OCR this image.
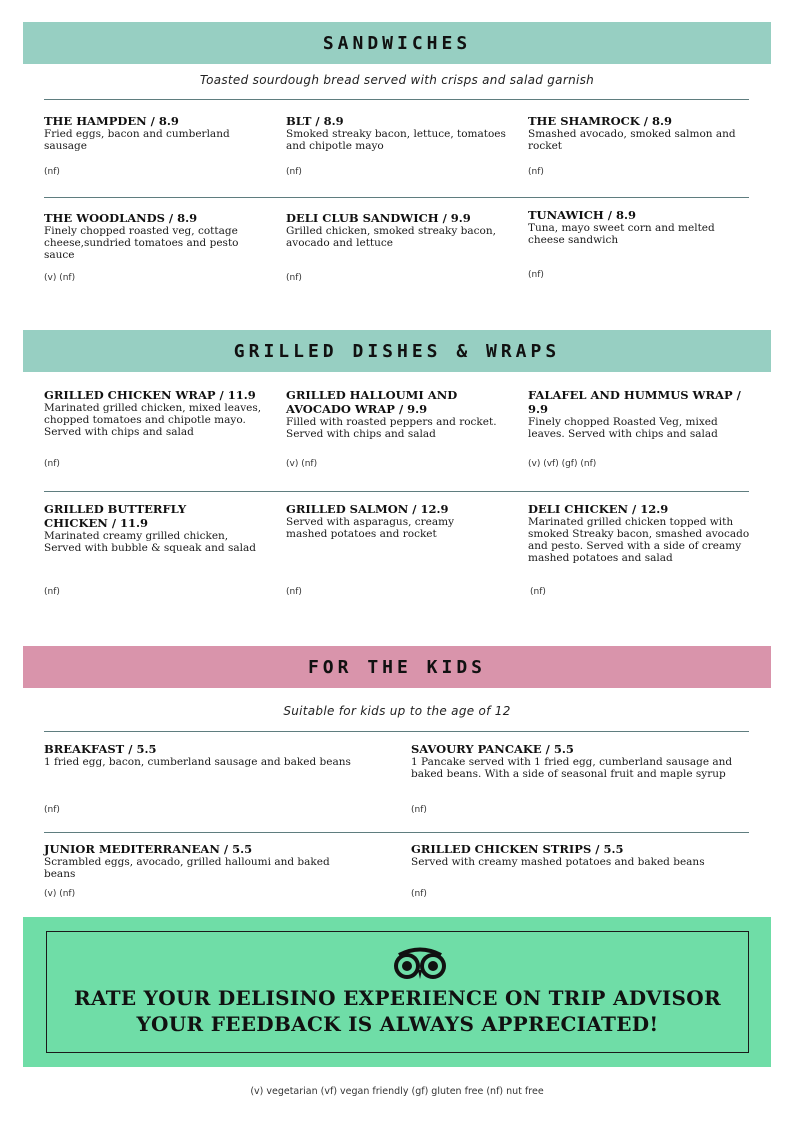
SANDWICHES
Toasted sourdough bread served with crisps and salad garnish
THE HAMPDEN / 8.9
Fried eggs, bacon and cumberland sausage
(nf)
BLT / 8.9
Smoked streaky bacon, lettuce, tomatoes and chipotle mayo
(nf)
THE SHAMROCK / 8.9
Smashed avocado, smoked salmon and rocket
(nf)
THE WOODLANDS / 8.9
Finely chopped roasted veg, cottage cheese,sundried tomatoes and pesto sauce
(v) (nf)
DELI CLUB SANDWICH / 9.9
Grilled chicken, smoked streaky bacon, avocado and lettuce
(nf)
TUNAWICH / 8.9
Tuna, mayo sweet corn and melted cheese sandwich
(nf)
GRILLED DISHES & WRAPS
GRILLED CHICKEN WRAP / 11.9
Marinated grilled chicken, mixed leaves, chopped tomatoes and chipotle mayo. Served with chips and salad
(nf)
GRILLED HALLOUMI AND AVOCADO WRAP / 9.9
Filled with roasted peppers and rocket. Served with chips and salad
(v) (nf)
FALAFEL AND HUMMUS WRAP / 9.9
Finely chopped Roasted Veg, mixed leaves. Served with chips and salad
(v) (vf) (gf) (nf)
GRILLED BUTTERFLY CHICKEN / 11.9
Marinated creamy grilled chicken, Served with bubble & squeak and salad
(nf)
GRILLED SALMON / 12.9
Served with asparagus, creamy mashed potatoes and rocket
(nf)
DELI CHICKEN / 12.9
Marinated grilled chicken topped with smoked Streaky bacon, smashed avocado and pesto. Served with a side of creamy mashed potatoes and salad
(nf)
FOR THE KIDS
Suitable for kids up to the age of 12
BREAKFAST / 5.5
1 fried egg, bacon, cumberland sausage and baked beans
(nf)
SAVOURY PANCAKE / 5.5
1 Pancake served with 1 fried egg, cumberland sausage and baked beans. With a side of seasonal fruit and maple syrup
(nf)
JUNIOR MEDITERRANEAN / 5.5
Scrambled eggs, avocado, grilled halloumi and baked beans
(v) (nf)
GRILLED CHICKEN STRIPS / 5.5
Served with creamy mashed potatoes and baked beans
(nf)
RATE YOUR DELISINO EXPERIENCE ON TRIP ADVISOR
YOUR FEEDBACK IS ALWAYS APPRECIATED!
(v) vegetarian (vf) vegan friendly (gf) gluten free (nf) nut free
